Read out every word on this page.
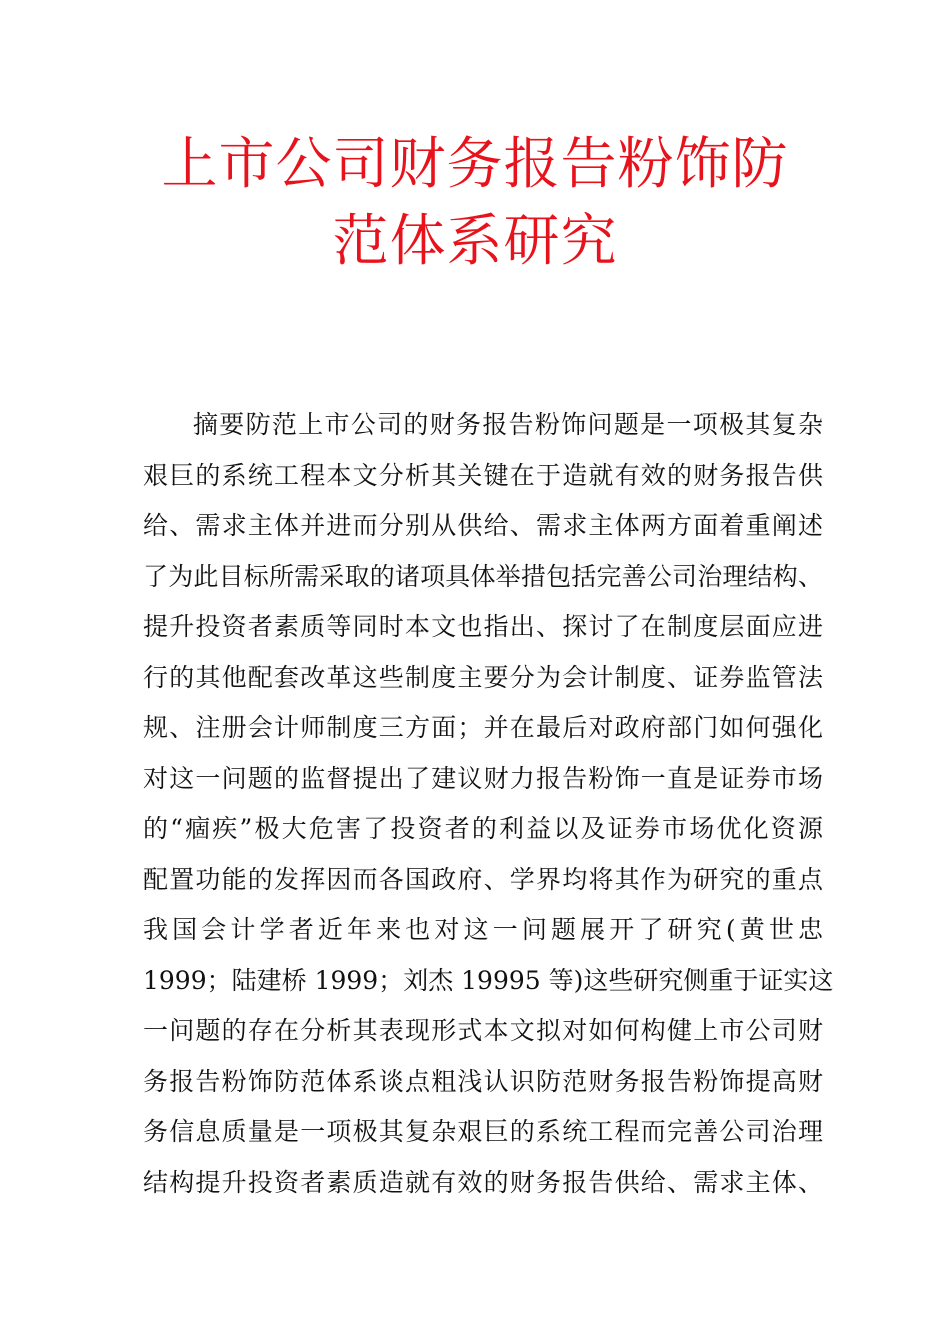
上市公司财务报告粉饰防
范体系研究
摘要防范上市公司的财务报告粉饰问题是一项极其复杂
艰巨的系统工程本文分析其关键在于造就有效的财务报告供
给、需求主体并进而分别从供给、需求主体两方面着重阐述
了为此目标所需采取的诸项具体举措包括完善公司治理结构、
提升投资者素质等同时本文也指出、探讨了在制度层面应进
行的其他配套改革这些制度主要分为会计制度、证券监管法
规、注册会计师制度三方面；并在最后对政府部门如何强化
对这一问题的监督提出了建议财力报告粉饰一直是证券市场
的“痼疾”极大危害了投资者的利益以及证券市场优化资源
配置功能的发挥因而各国政府、学界均将其作为研究的重点
我国会计学者近年来也对这一问题展开了研究(黄世忠
1999；陆建桥 1999；刘杰 19995 等)这些研究侧重于证实这
一问题的存在分析其表现形式本文拟对如何构健上市公司财
务报告粉饰防范体系谈点粗浅认识防范财务报告粉饰提高财
务信息质量是一项极其复杂艰巨的系统工程而完善公司治理
结构提升投资者素质造就有效的财务报告供给、需求主体、
